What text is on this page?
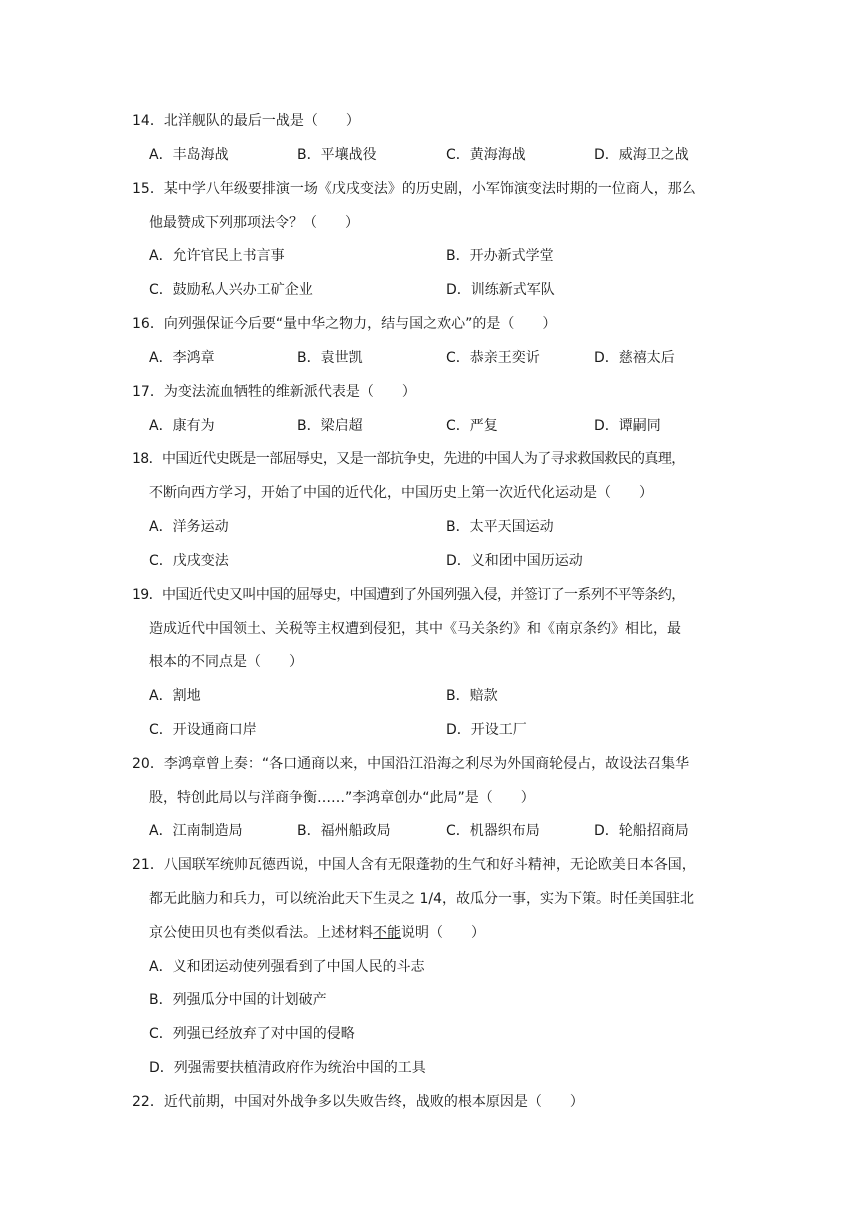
14．北洋舰队的最后一战是（　　）
A．丰岛海战	B．平壤战役	C．黄海海战	D．威海卫之战
15．某中学八年级要排演一场《戊戌变法》的历史剧，小军饰演变法时期的一位商人，那么
他最赞成下列那项法令？（　　）
A．允许官民上书言事	B．开办新式学堂
C．鼓励私人兴办工矿企业	D．训练新式军队
16．向列强保证今后要“量中华之物力，结与国之欢心”的是（　　）
A．李鸿章	B．袁世凯	C．恭亲王奕䜣	D．慈禧太后
17．为变法流血牺牲的维新派代表是（　　）
A．康有为	B．梁启超	C．严复	D．谭嗣同
18．中国近代史既是一部屈辱史，又是一部抗争史，先进的中国人为了寻求救国救民的真理，
不断向西方学习，开始了中国的近代化，中国历史上第一次近代化运动是（　　）
A．洋务运动	B．太平天国运动
C．戊戌变法	D．义和团中国历运动
19．中国近代史又叫中国的屈辱史，中国遭到了外国列强入侵，并签订了一系列不平等条约，
造成近代中国领土、关税等主权遭到侵犯，其中《马关条约》和《南京条约》相比，最
根本的不同点是（　　）
A．割地	B．赔款
C．开设通商口岸	D．开设工厂
20．李鸿章曾上奏：“各口通商以来，中国沿江沿海之利尽为外国商轮侵占，故设法召集华
股，特创此局以与洋商争衡……”李鸿章创办“此局”是（　　）
A．江南制造局	B．福州船政局	C．机器织布局	D．轮船招商局
21．八国联军统帅瓦德西说，中国人含有无限蓬勃的生气和好斗精神，无论欧美日本各国，
都无此脑力和兵力，可以统治此天下生灵之 1/4，故瓜分一事，实为下策。时任美国驻北
京公使田贝也有类似看法。上述材料不能说明（　　）
A．义和团运动使列强看到了中国人民的斗志
B．列强瓜分中国的计划破产
C．列强已经放弃了对中国的侵略
D．列强需要扶植清政府作为统治中国的工具
22．近代前期，中国对外战争多以失败告终，战败的根本原因是（　　）
